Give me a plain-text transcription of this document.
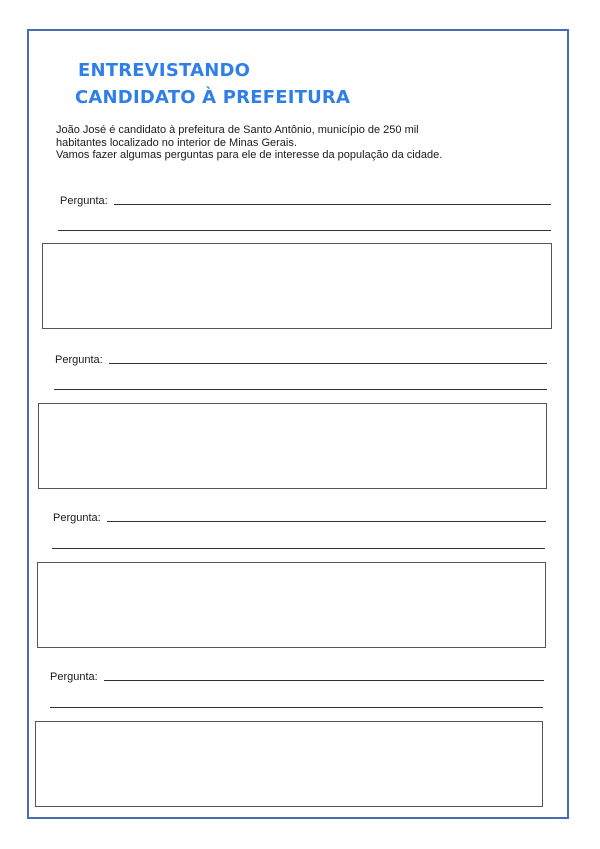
ENTREVISTANDO
CANDIDATO À PREFEITURA

João José é candidato à prefeitura de Santo Antônio, município de 250 mil

habitantes localizado no interior de Minas Gerais.

Vamos fazer algumas perguntas para ele de interesse da população da cidade.

Pergunta:
Pergunta:
Pergunta:
Pergunta:
